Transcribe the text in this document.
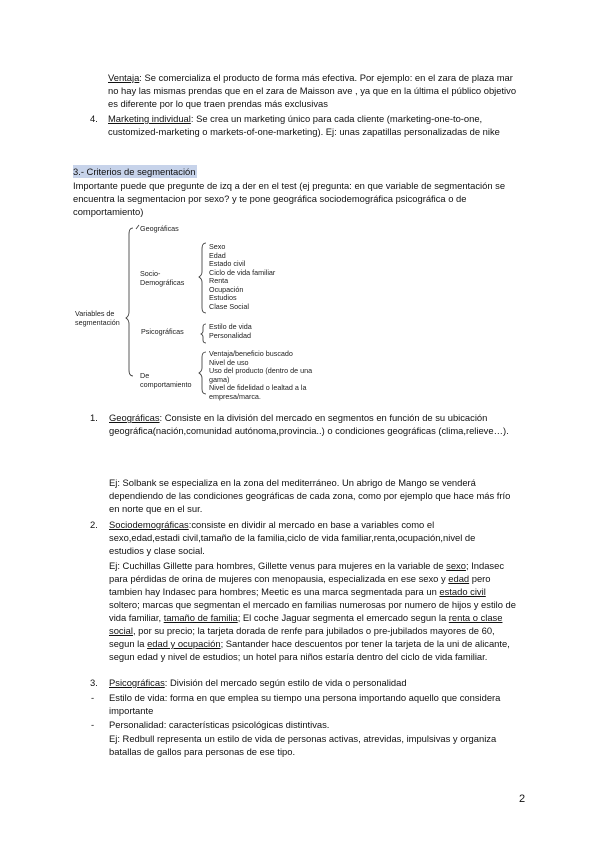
Ventaja: Se comercializa el producto de forma más efectiva. Por ejemplo: en el zara de plaza mar no hay las mismas prendas que en el zara de Maisson ave , ya que en la última el público objetivo es diferente por lo que traen prendas más exclusivas

4. Marketing individual: Se crea un marketing único para cada cliente (marketing-one-to-one, customized-marketing o markets-of-one-marketing). Ej: unas zapatillas personalizadas de nike

3.- Criterios de segmentación

Importante puede que pregunte de izq a der en el test (ej pregunta: en que variable de segmentación se encuentra la segmentacion por sexo? y te pone geográfica sociodemográfica psicográfica o de comportamiento)

Variables de segmentación
Geográficas
Socio-Demográficas
Psicográficas
De comportamiento
Sexo
Edad
Estado civil
Ciclo de vida familiar
Renta
Ocupación
Estudios
Clase Social
Estilo de vida
Personalidad
Ventaja/beneficio buscado
Nivel de uso
Uso del producto (dentro de una gama)
Nivel de fidelidad o lealtad a la empresa/marca.
1. Geográficas: Consiste en la división del mercado en segmentos en función de su ubicación geográfica(nación,comunidad autónoma,provincia..) o condiciones geográficas (clima,relieve…).

Ej: Solbank se especializa en la zona del mediterráneo. Un abrigo de Mango se venderá dependiendo de las condiciones geográficas de cada zona, como por ejemplo que hace más frío en norte que en el sur.

2. Sociodemográficas:consiste en dividir al mercado en base a variables como el sexo,edad,estadi civil,tamaño de la familia,ciclo de vida familiar,renta,ocupación,nivel de estudios y clase social.

Ej: Cuchillas Gillette para hombres, Gillette venus para mujeres en la variable de sexo; Indasec para pérdidas de orina de mujeres con menopausia, especializada en ese sexo y edad pero tambien hay Indasec para hombres; Meetic es una marca segmentada para un estado civil soltero; marcas que segmentan el mercado en familias numerosas por numero de hijos y estilo de vida familiar, tamaño de familia; El coche Jaguar segmenta el emercado segun la renta o clase social, por su precio; la tarjeta dorada de renfe para jubilados o pre-jubilados mayores de 60, segun la edad y ocupación; Santander hace descuentos por tener la tarjeta de la uni de alicante, segun edad y nivel de estudios; un hotel para niños estaría dentro del ciclo de vida familiar.

3. Psicográficas: División del mercado según estilo de vida o personalidad

- Estilo de vida: forma en que emplea su tiempo una persona importando aquello que considera importante

- Personalidad: características psicológicas distintivas.

Ej: Redbull representa un estilo de vida de personas activas, atrevidas, impulsivas y organiza batallas de gallos para personas de ese tipo.

2
